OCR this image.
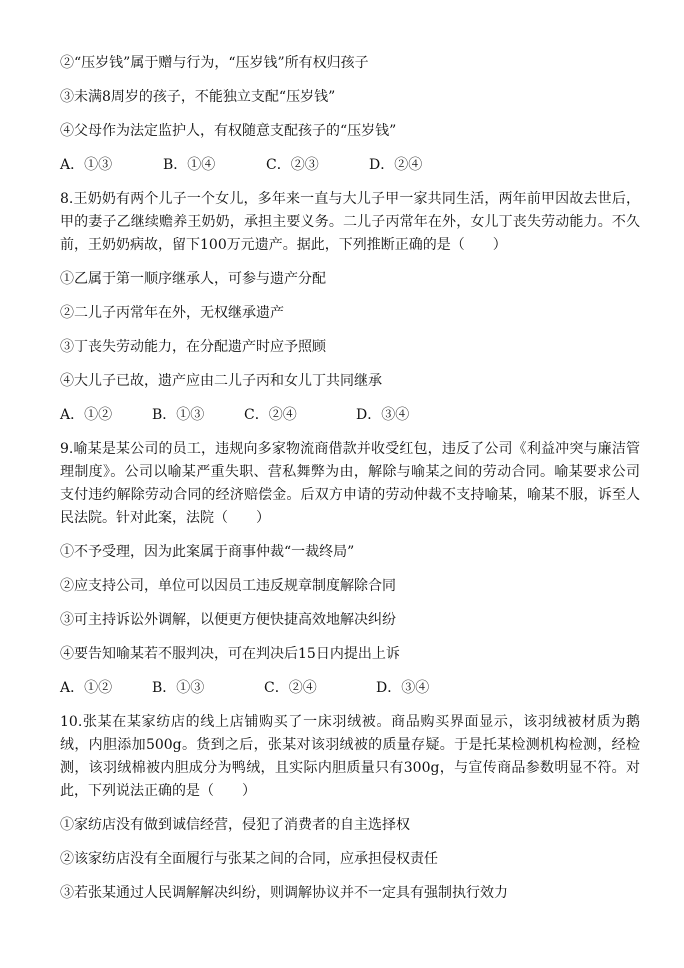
②“压岁钱”属于赠与行为，“压岁钱”所有权归孩子
③未满8周岁的孩子，不能独立支配“压岁钱”
④父母作为法定监护人，有权随意支配孩子的“压岁钱”
A．①③	B．①④	C．②③	D．②④
8.王奶奶有两个儿子一个女儿，多年来一直与大儿子甲一家共同生活，两年前甲因故去世后，甲的妻子乙继续赡养王奶奶，承担主要义务。二儿子丙常年在外，女儿丁丧失劳动能力。不久前，王奶奶病故，留下100万元遗产。据此，下列推断正确的是（　　）
①乙属于第一顺序继承人，可参与遗产分配
②二儿子丙常年在外，无权继承遗产
③丁丧失劳动能力，在分配遗产时应予照顾
④大儿子已故，遗产应由二儿子丙和女儿丁共同继承
A．①②	B．①③	C．②④	D．③④
9.喻某是某公司的员工，违规向多家物流商借款并收受红包，违反了公司《利益冲突与廉洁管理制度》。公司以喻某严重失职、营私舞弊为由，解除与喻某之间的劳动合同。喻某要求公司支付违约解除劳动合同的经济赔偿金。后双方申请的劳动仲裁不支持喻某，喻某不服，诉至人民法院。针对此案，法院（　　）
①不予受理，因为此案属于商事仲裁“一裁终局”
②应支持公司，单位可以因员工违反规章制度解除合同
③可主持诉讼外调解，以便更方便快捷高效地解决纠纷
④要告知喻某若不服判决，可在判决后15日内提出上诉
A．①②	B．①③	C．②④	D．③④
10.张某在某家纺店的线上店铺购买了一床羽绒被。商品购买界面显示，该羽绒被材质为鹅绒，内胆添加500g。货到之后，张某对该羽绒被的质量存疑。于是托某检测机构检测，经检测，该羽绒棉被内胆成分为鸭绒，且实际内胆质量只有300g，与宣传商品参数明显不符。对此，下列说法正确的是（　　）
①家纺店没有做到诚信经营，侵犯了消费者的自主选择权
②该家纺店没有全面履行与张某之间的合同，应承担侵权责任
③若张某通过人民调解解决纠纷，则调解协议并不一定具有强制执行效力
